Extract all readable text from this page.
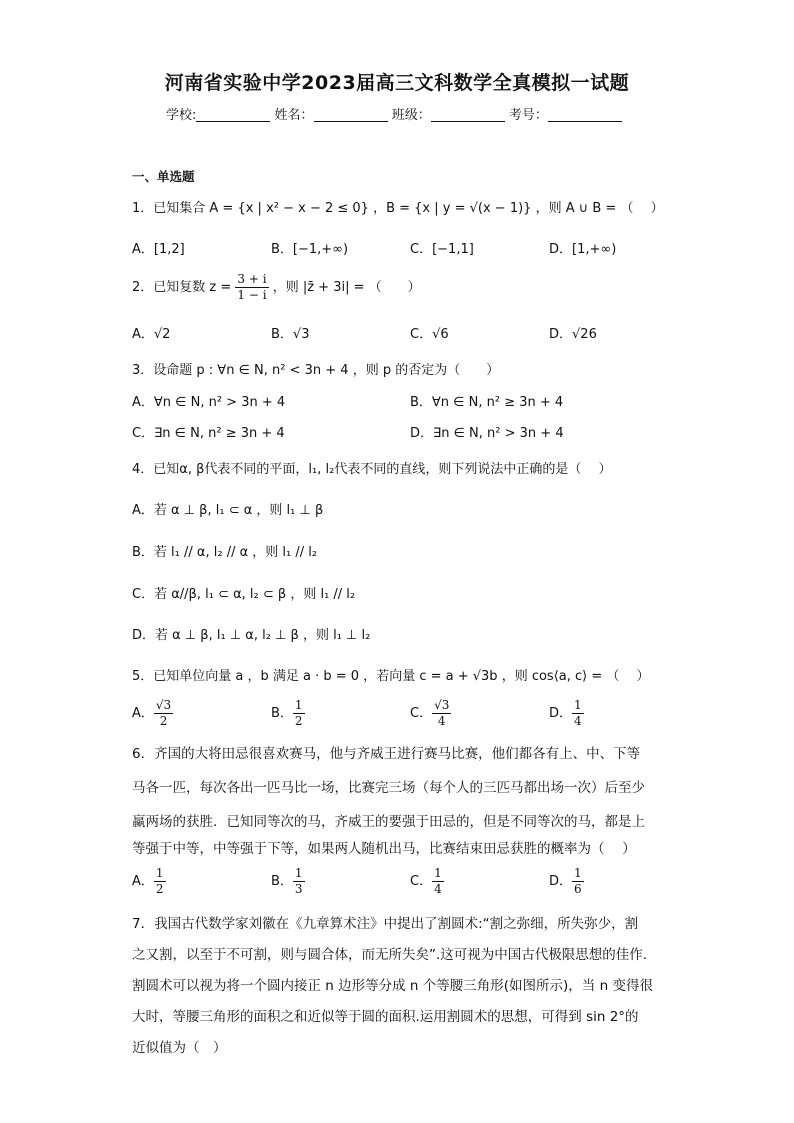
河南省实验中学2023届高三文科数学全真模拟一试题
学校:	姓名：	班级：	考号：
一、单选题
1．已知集合 A = {x | x² − x − 2 ≤ 0} ，B = {x | y = √(x − 1)} ，则 A ∪ B = （　 ）
A．[1,2]	B．[−1,+∞)	C．[−1,1]	D．[1,+∞)
2．已知复数 $z = \frac{3 + i}{1 - i}$ ，则 |z̄ + 3i| = （　　）
A．√2	B．√3	C．√6	D．√26
3．设命题 p : ∀n ∈ N, n² < 3n + 4 ，则 p 的否定为（　　）
A．∀n ∈ N, n² > 3n + 4	B．∀n ∈ N, n² ≥ 3n + 4
C．∃n ∈ N, n² ≥ 3n + 4	D．∃n ∈ N, n² > 3n + 4
4．已知α, β代表不同的平面，l₁, l₂代表不同的直线，则下列说法中正确的是（　 ）
A．若 α ⊥ β, l₁ ⊂ α ，则 l₁ ⊥ β
B．若 l₁ // α, l₂ // α ，则 l₁ // l₂
C．若 α//β, l₁ ⊂ α, l₂ ⊂ β ，则 l₁ // l₂
D．若 α ⊥ β, l₁ ⊥ α, l₂ ⊥ β ，则 l₁ ⊥ l₂
5．已知单位向量 a ，b 满足 a · b = 0 ，若向量 c = a + √3b ，则 cos⟨a, c⟩ = （　 ）
A． $\frac{√3}{2}$	B． $\frac{1}{2}$	C． $\frac{√3}{4}$	D． $\frac{1}{4}$
6．齐国的大将田忌很喜欢赛马，他与齐威王进行赛马比赛，他们都各有上、中、下等
马各一匹，每次各出一匹马比一场，比赛完三场（每个人的三匹马都出场一次）后至少
赢两场的获胜．已知同等次的马，齐威王的要强于田忌的，但是不同等次的马，都是上
等强于中等，中等强于下等，如果两人随机出马，比赛结束田忌获胜的概率为（　 ）
A． $\frac{1}{2}$	B． $\frac{1}{3}$	C． $\frac{1}{4}$	D． $\frac{1}{6}$
7．我国古代数学家刘徽在《九章算术注》中提出了割圆术:“割之弥细，所失弥少，割
之又割，以至于不可割，则与圆合体，而无所失矣”.这可视为中国古代极限思想的佳作.
割圆术可以视为将一个圆内接正 n 边形等分成 n 个等腰三角形(如图所示)，当 n 变得很
大时，等腰三角形的面积之和近似等于圆的面积.运用割圆术的思想，可得到 sin 2°的
近似值为（　）
